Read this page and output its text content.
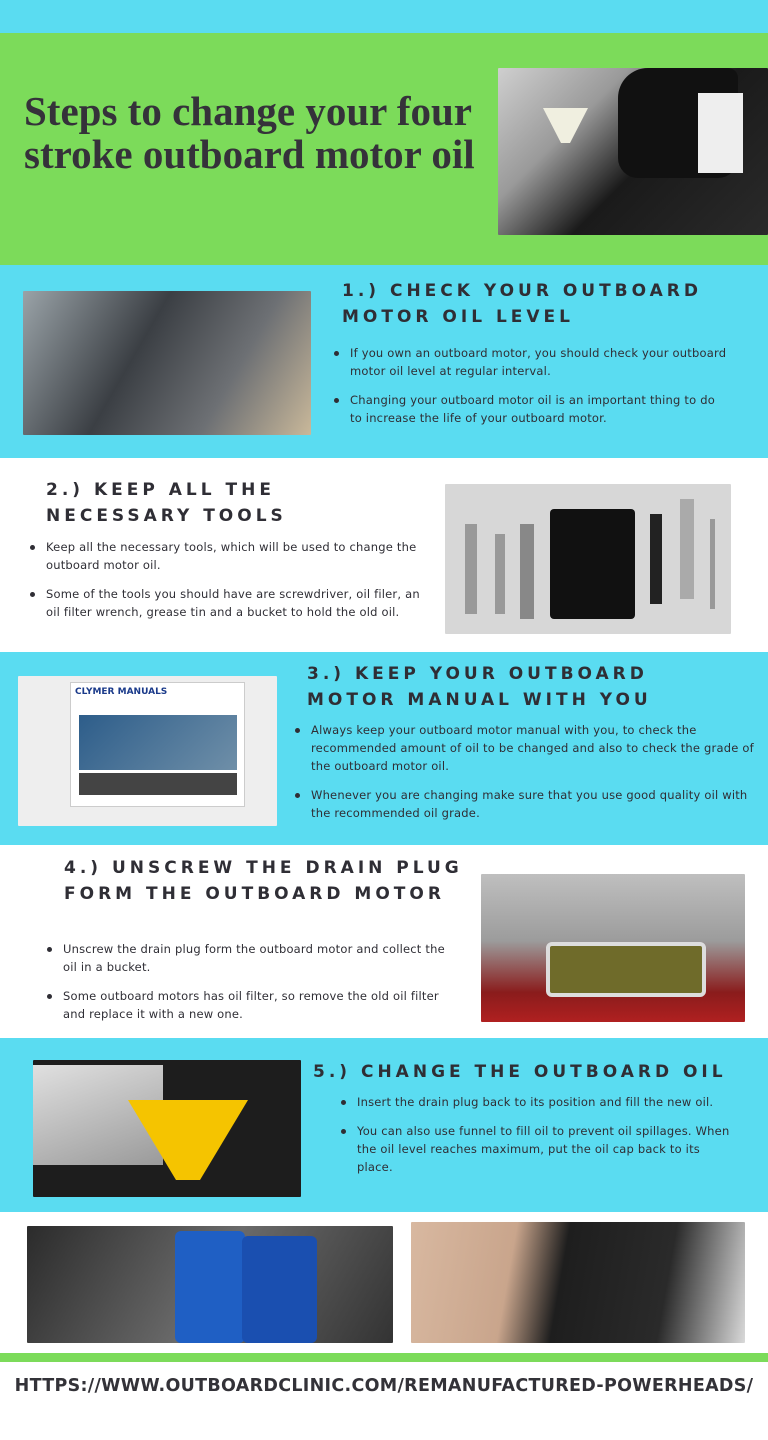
Steps to change your four stroke outboard motor oil
1.) CHECK YOUR OUTBOARD MOTOR OIL LEVEL
If you own an outboard motor, you should check your outboard motor oil level at regular interval.
Changing your outboard motor oil is an important thing to do to increase the life of your outboard motor.
2.) KEEP ALL THE NECESSARY TOOLS
Keep all the necessary tools, which will be used to change the outboard motor oil.
Some of the tools you should have are screwdriver, oil filer, an oil filter wrench, grease tin and a bucket to hold the old oil.
CLYMER MANUALS
3.) KEEP YOUR OUTBOARD MOTOR MANUAL WITH YOU
Always keep your outboard motor manual with you, to check the recommended amount of oil to be changed and also to check the grade of the outboard motor oil.
Whenever you are changing make sure that you use good quality oil with the recommended oil grade.
4.) UNSCREW THE DRAIN PLUG FORM THE OUTBOARD MOTOR
Unscrew the drain plug form the outboard motor and collect the oil in a bucket.
Some outboard motors has oil filter, so remove the old oil filter and replace it with a new one.
5.) CHANGE THE OUTBOARD OIL
Insert the drain plug back to its position and fill the new oil.
You can also use funnel to fill oil to prevent oil spillages. When the oil level reaches maximum, put the oil cap back to its place.
HTTPS://WWW.OUTBOARDCLINIC.COM/REMANUFACTURED-POWERHEADS/
